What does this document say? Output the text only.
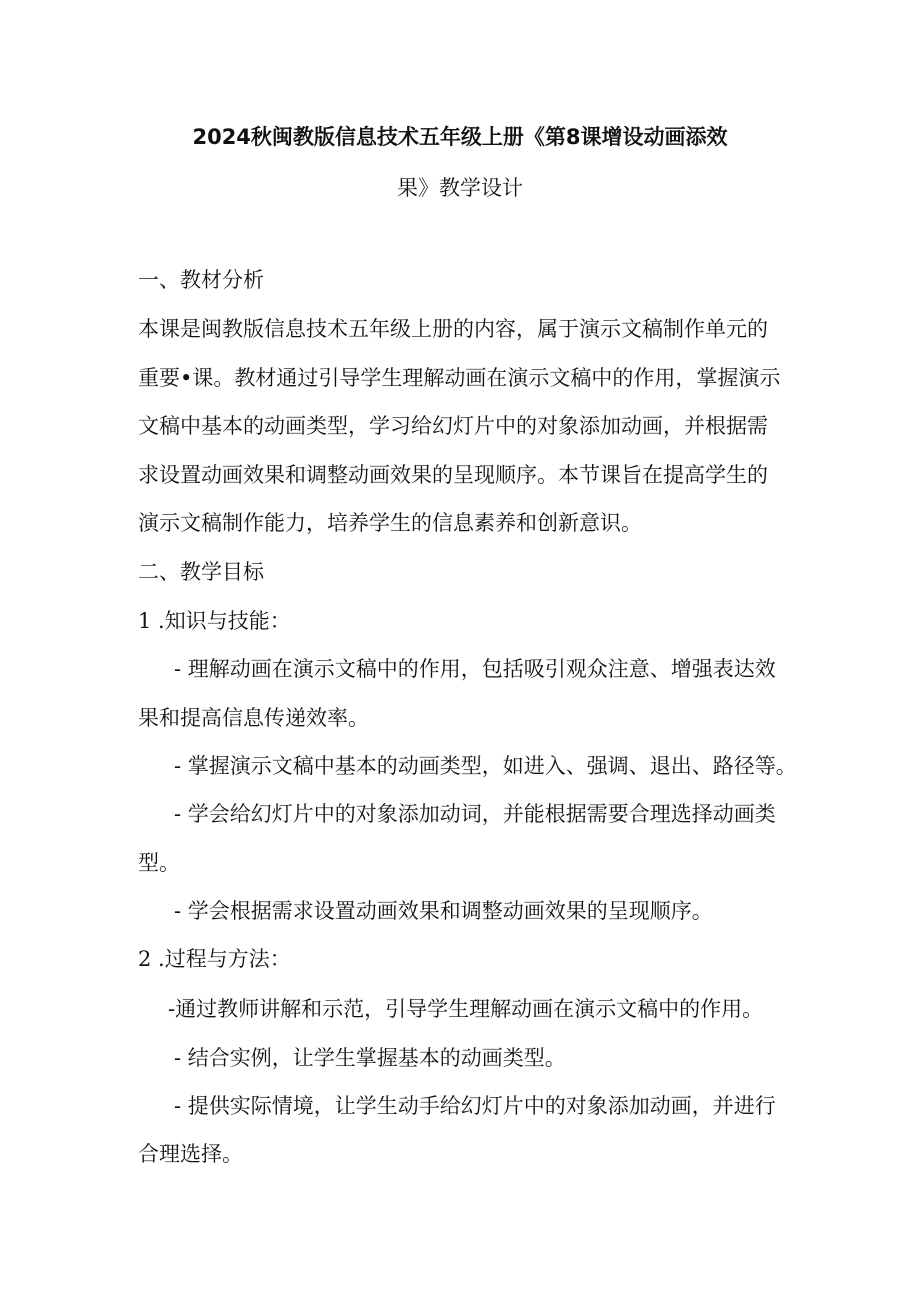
2024秋闽教版信息技术五年级上册《第8课增设动画添效
果》教学设计
一、教材分析
本课是闽教版信息技术五年级上册的内容，属于演示文稿制作单元的
重要•课。教材通过引导学生理解动画在演示文稿中的作用，掌握演示
文稿中基本的动画类型，学习给幻灯片中的对象添加动画，并根据需
求设置动画效果和调整动画效果的呈现顺序。本节课旨在提高学生的
演示文稿制作能力，培养学生的信息素养和创新意识。
二、教学目标
1 .知识与技能：
- 理解动画在演示文稿中的作用，包括吸引观众注意、增强表达效
果和提高信息传递效率。
- 掌握演示文稿中基本的动画类型，如进入、强调、退出、路径等。
- 学会给幻灯片中的对象添加动词，并能根据需要合理选择动画类
型。
- 学会根据需求设置动画效果和调整动画效果的呈现顺序。
2 .过程与方法：
-通过教师讲解和示范，引导学生理解动画在演示文稿中的作用。
- 结合实例，让学生掌握基本的动画类型。
- 提供实际情境，让学生动手给幻灯片中的对象添加动画，并进行
合理选择。
